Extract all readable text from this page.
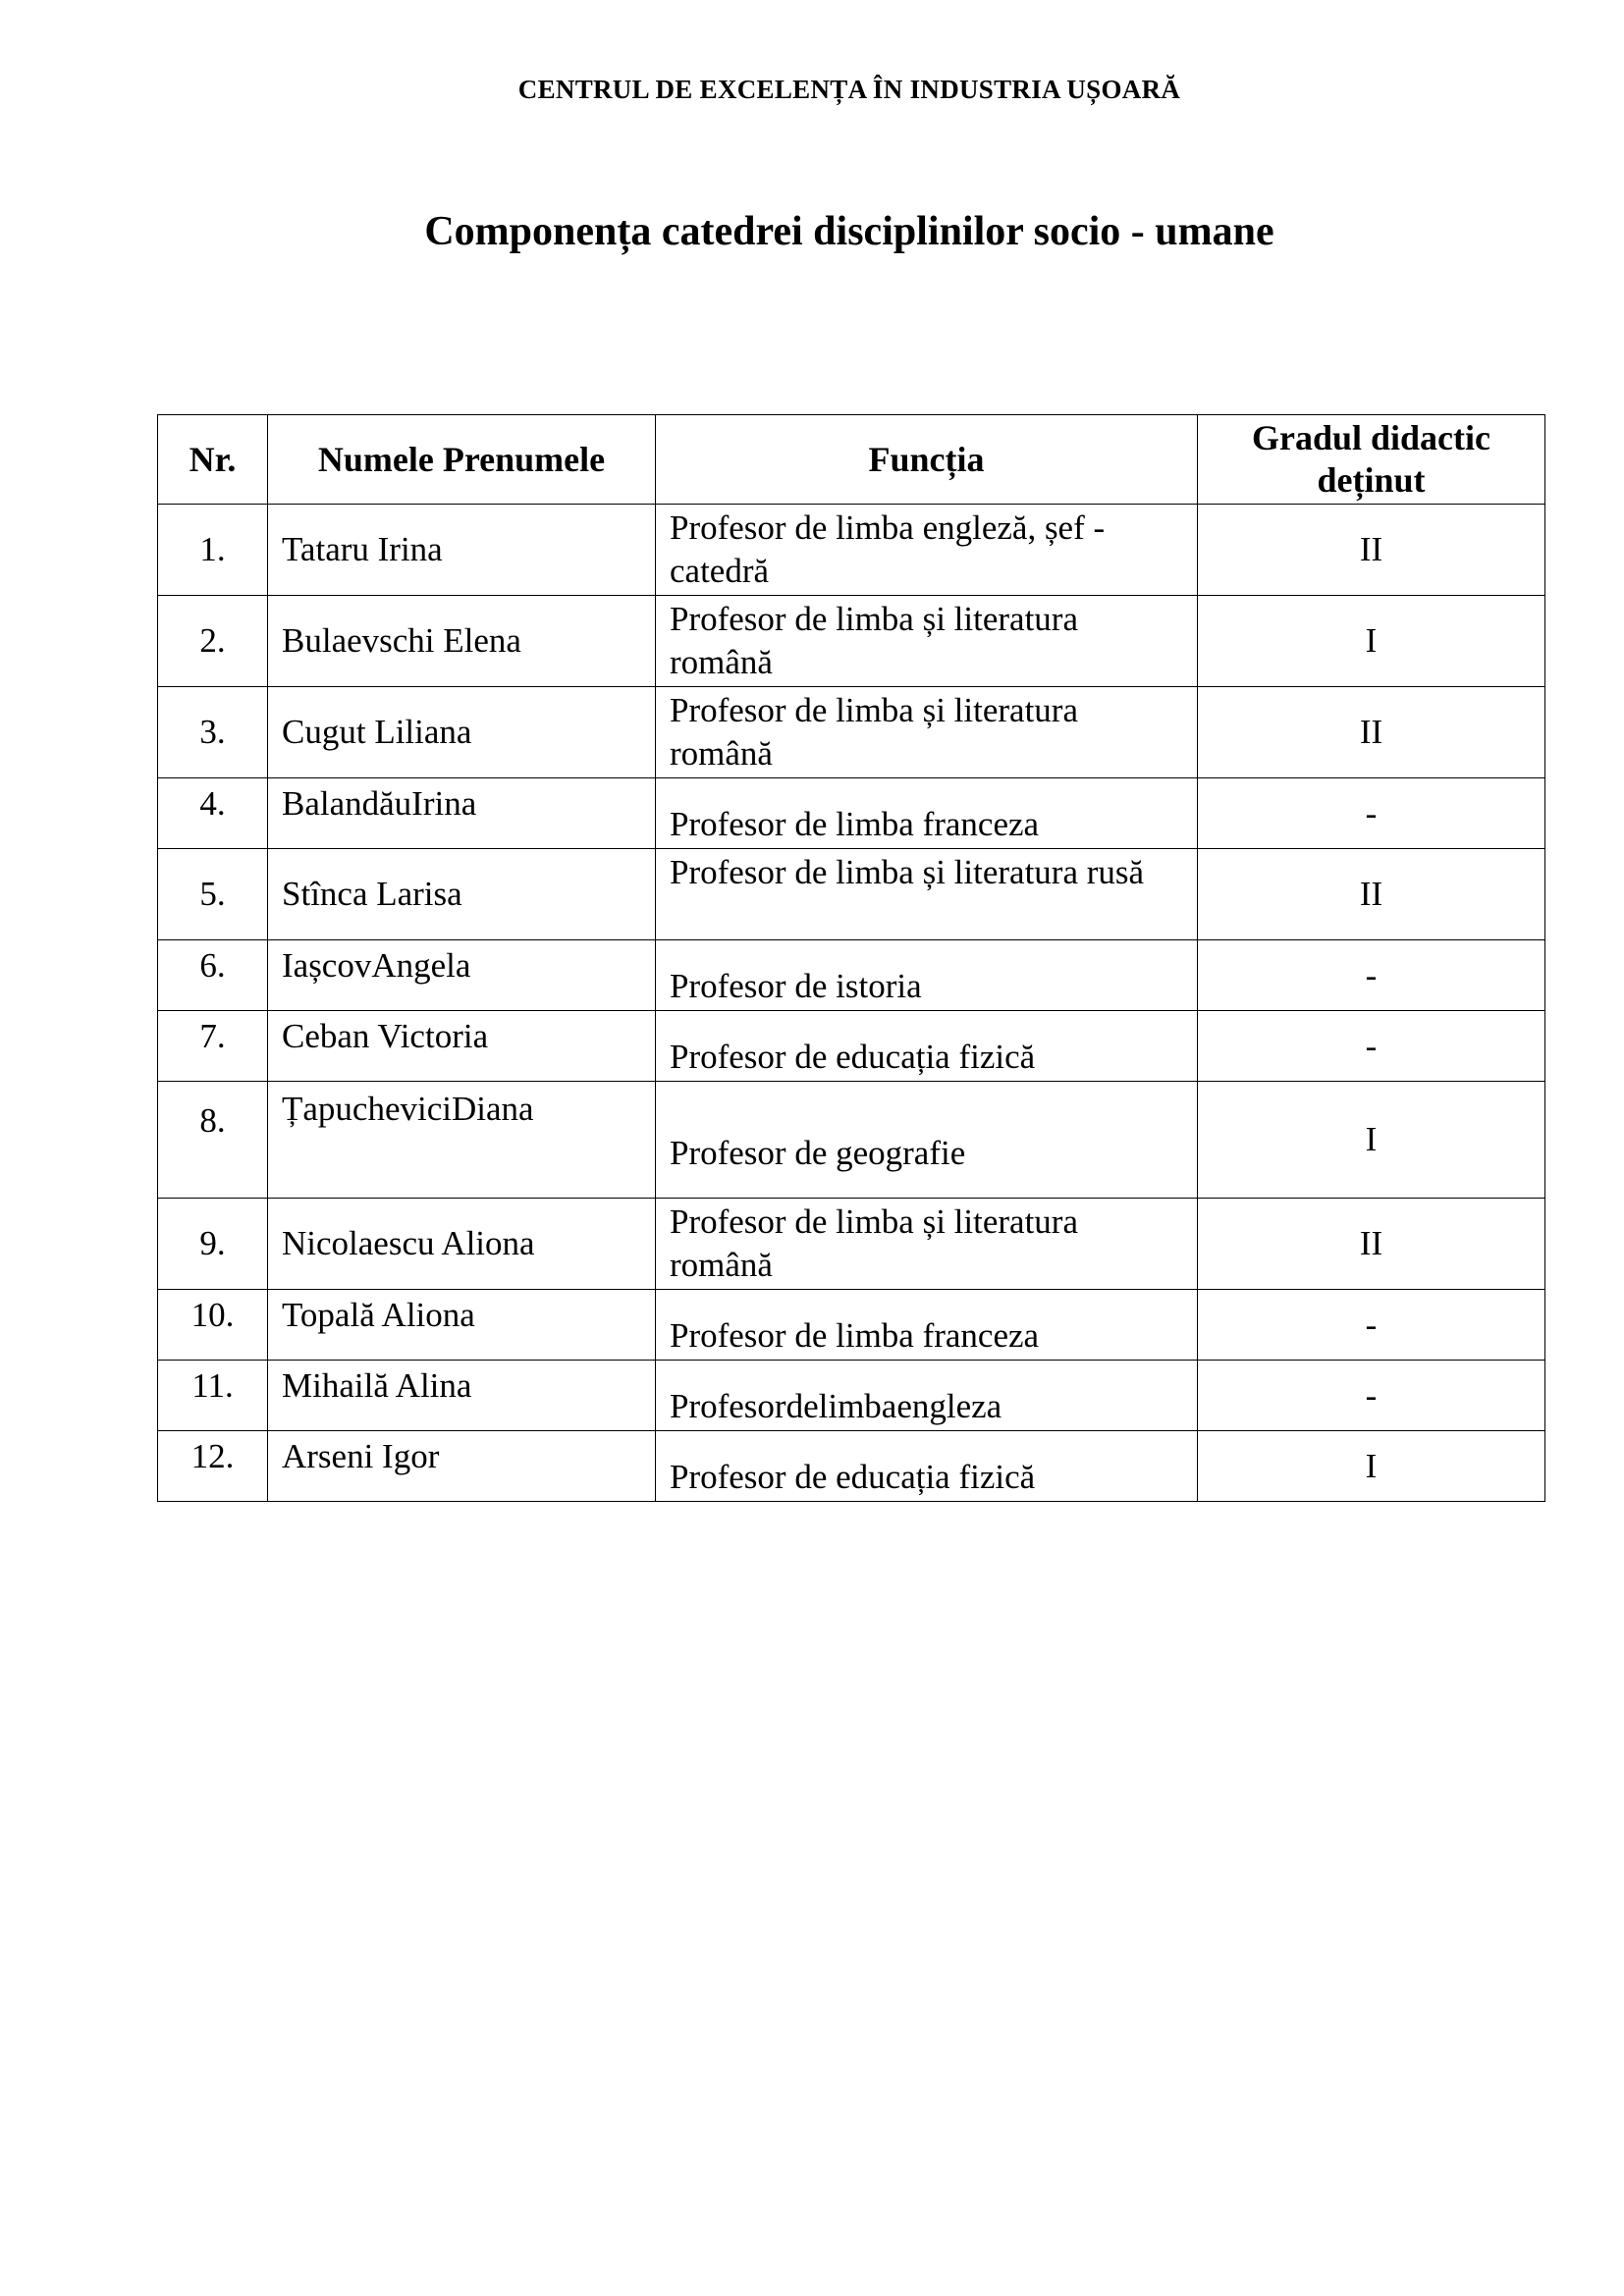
CENTRUL DE EXCELENȚA ÎN INDUSTRIA UȘOARĂ
Componența catedrei disciplinilor socio - umane
Nr.	Numele Prenumele	Funcția	Gradul didactic
deținut
1.	Tataru Irina	Profesor de limba engleză, șef - catedră	II
2.	Bulaevschi Elena	Profesor de limba și literatura română	I
3.	Cugut Liliana	Profesor de limba și literatura română	II
4.	BalandăuIrina	Profesor de limba franceza	-
5.	Stînca Larisa	Profesor de limba și literatura rusă	II
6.	IașcovAngela	Profesor de istoria	-
7.	Ceban Victoria	Profesor de educația fizică	-
8.	ȚapucheviciDiana	Profesor de geografie	I
9.	Nicolaescu Aliona	Profesor de limba și literatura română	II
10.	Topală Aliona	Profesor de limba franceza	-
11.	Mihailă Alina	Profesordelimbaengleza	-
12.	Arseni Igor	Profesor de educația fizică	I
